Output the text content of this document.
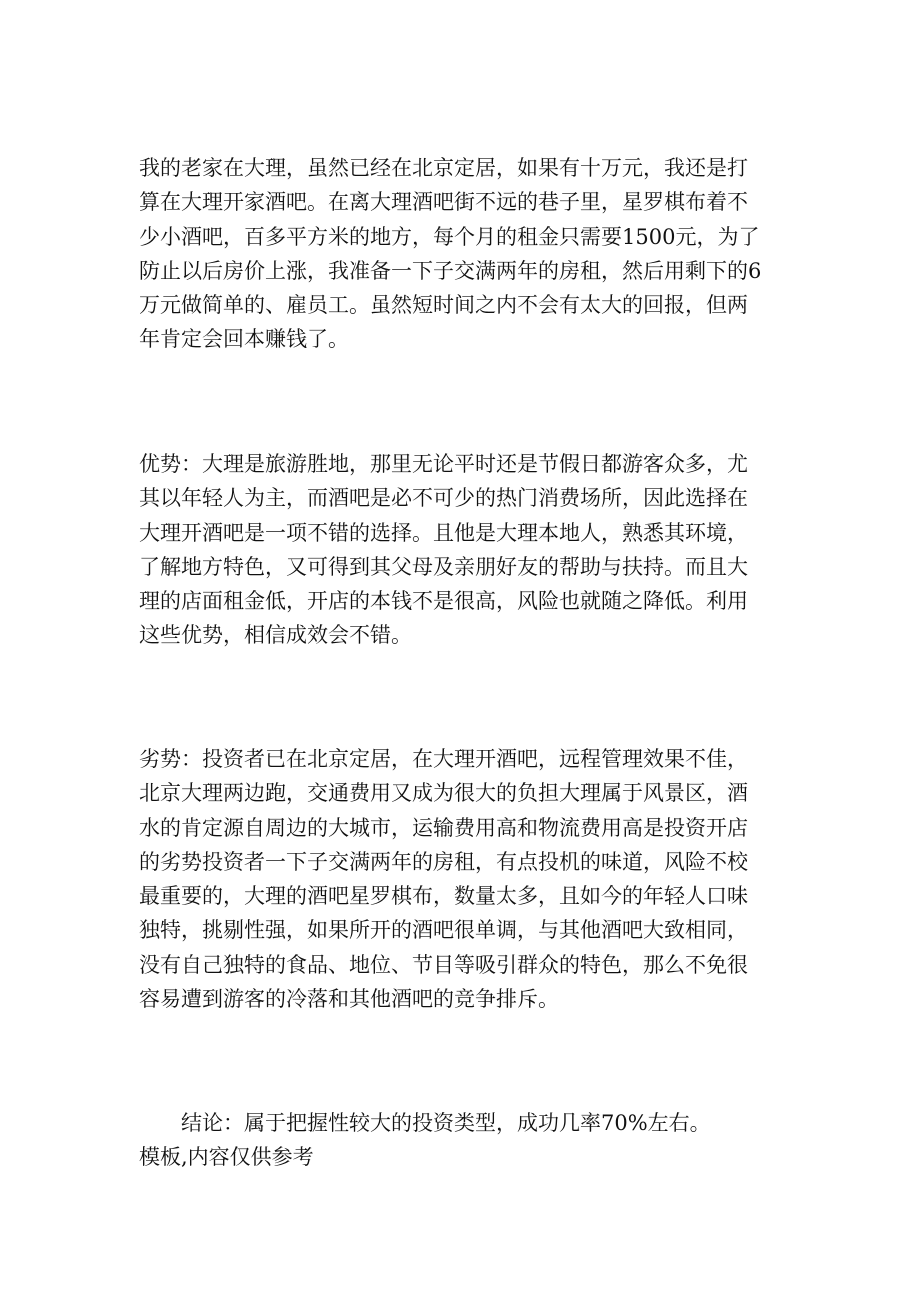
我的老家在大理，虽然已经在北京定居，如果有十万元，我还是打
算在大理开家酒吧。在离大理酒吧街不远的巷子里，星罗棋布着不
少小酒吧，百多平方米的地方，每个月的租金只需要1500元，为了
防止以后房价上涨，我准备一下子交满两年的房租，然后用剩下的6
万元做简单的、雇员工。虽然短时间之内不会有太大的回报，但两
年肯定会回本赚钱了。
优势：大理是旅游胜地，那里无论平时还是节假日都游客众多，尤
其以年轻人为主，而酒吧是必不可少的热门消费场所，因此选择在
大理开酒吧是一项不错的选择。且他是大理本地人，熟悉其环境，
了解地方特色，又可得到其父母及亲朋好友的帮助与扶持。而且大
理的店面租金低，开店的本钱不是很高，风险也就随之降低。利用
这些优势，相信成效会不错。
劣势：投资者已在北京定居，在大理开酒吧，远程管理效果不佳，
北京大理两边跑，交通费用又成为很大的负担大理属于风景区，酒
水的肯定源自周边的大城市，运输费用高和物流费用高是投资开店
的劣势投资者一下子交满两年的房租，有点投机的味道，风险不校
最重要的，大理的酒吧星罗棋布，数量太多，且如今的年轻人口味
独特，挑剔性强，如果所开的酒吧很单调，与其他酒吧大致相同，
没有自己独特的食品、地位、节目等吸引群众的特色，那么不免很
容易遭到游客的冷落和其他酒吧的竞争排斥。

结论：属于把握性较大的投资类型，成功几率70%左右。

模板,内容仅供参考
